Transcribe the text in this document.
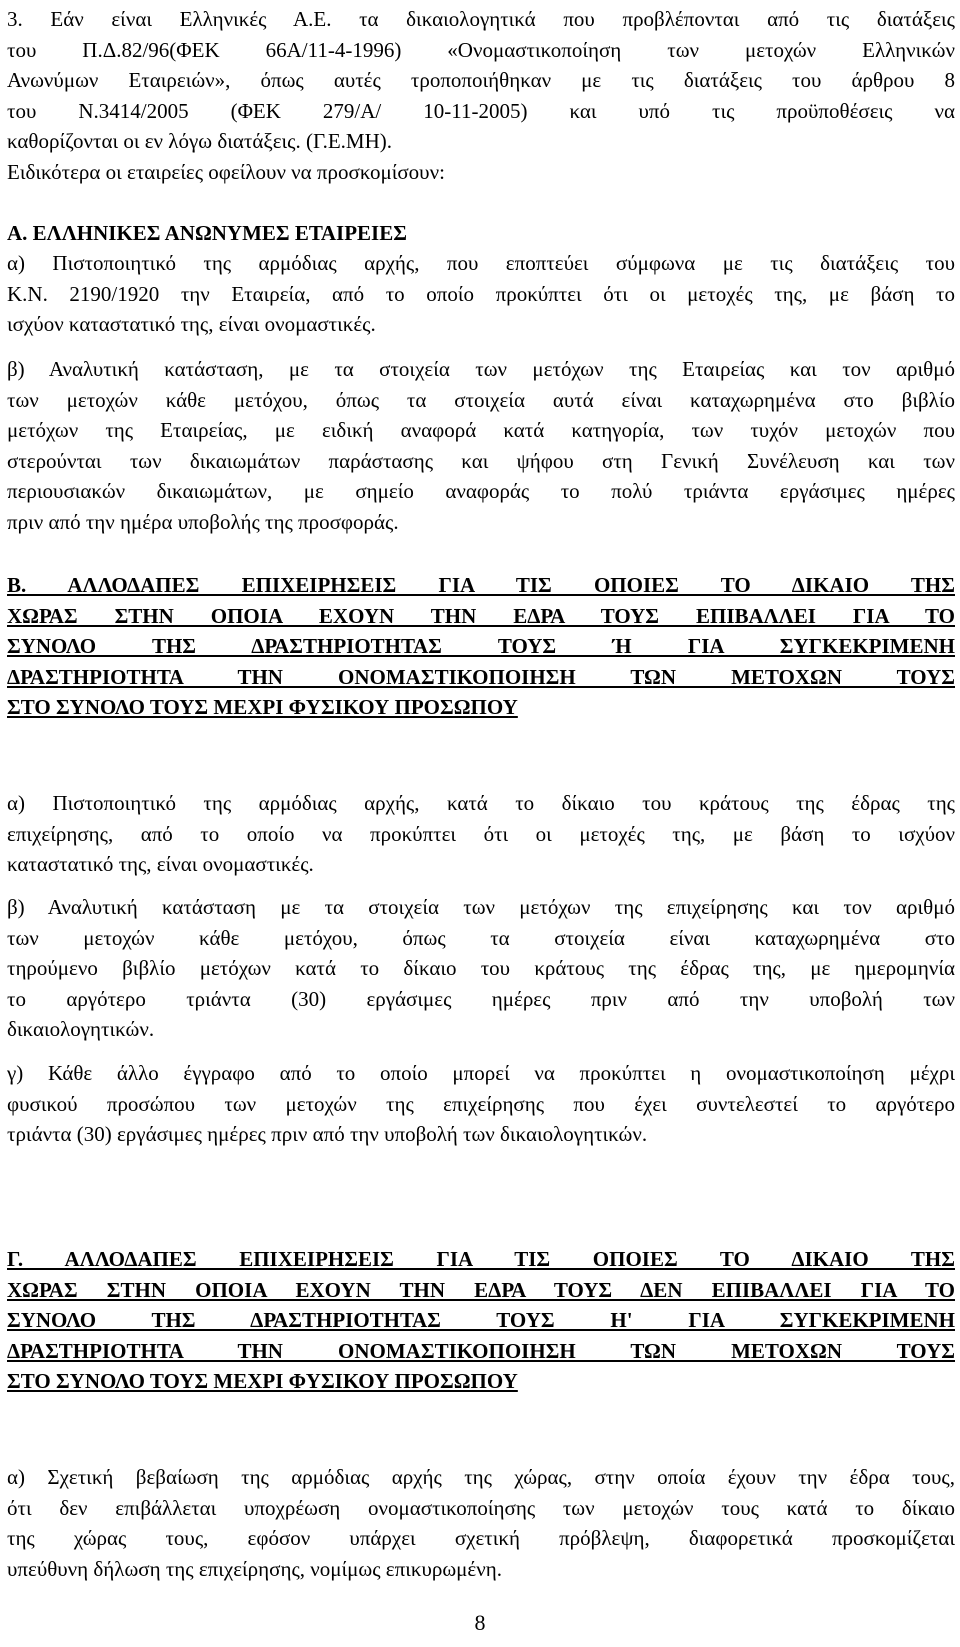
3. Εάν είναι Ελληνικές Α.Ε. τα δικαιολογητικά που προβλέπονται από τις διατάξεις
του Π.Δ.82/96(ΦΕΚ 66Α/11-4-1996) «Ονομαστικοποίηση των μετοχών Ελληνικών
Ανωνύμων Εταιρειών», όπως αυτές τροποποιήθηκαν με τις διατάξεις του άρθρου 8
του Ν.3414/2005 (ΦΕΚ 279/Α/ 10-11-2005) και υπό τις προϋποθέσεις να
καθορίζονται οι εν λόγω διατάξεις. (Γ.Ε.ΜΗ).
Ειδικότερα οι εταιρείες οφείλουν να προσκομίσουν:
Α. ΕΛΛΗΝΙΚΕΣ ΑΝΩΝΥΜΕΣ ΕΤΑΙΡΕΙΕΣ
α) Πιστοποιητικό της αρμόδιας αρχής, που εποπτεύει σύμφωνα με τις διατάξεις του
Κ.Ν. 2190/1920 την Εταιρεία, από το οποίο προκύπτει ότι οι μετοχές της, με βάση το
ισχύον καταστατικό της, είναι ονομαστικές.
β) Αναλυτική κατάσταση, με τα στοιχεία των μετόχων της Εταιρείας και τον αριθμό
των μετοχών κάθε μετόχου, όπως τα στοιχεία αυτά είναι καταχωρημένα στο βιβλίο
μετόχων της Εταιρείας, με ειδική αναφορά κατά κατηγορία, των τυχόν μετοχών που
στερούνται των δικαιωμάτων παράστασης και ψήφου στη Γενική Συνέλευση και των
περιουσιακών δικαιωμάτων, με σημείο αναφοράς το πολύ τριάντα εργάσιμες ημέρες
πριν από την ημέρα υποβολής της προσφοράς.
Β. ΑΛΛΟΔΑΠΕΣ ΕΠΙΧΕΙΡΗΣΕΙΣ ΓΙΑ ΤΙΣ ΟΠΟΙΕΣ ΤΟ ΔΙΚΑΙΟ ΤΗΣ
ΧΩΡΑΣ ΣΤΗΝ ΟΠΟΙΑ ΕΧΟΥΝ ΤΗΝ ΕΔΡΑ ΤΟΥΣ ΕΠΙΒΑΛΛΕΙ ΓΙΑ ΤΟ
ΣΥΝΟΛΟ ΤΗΣ ΔΡΑΣΤΗΡΙΟΤΗΤΑΣ ΤΟΥΣ Ή ΓΙΑ ΣΥΓΚΕΚΡΙΜΕΝΗ
ΔΡΑΣΤΗΡΙΟΤΗΤΑ ΤΗΝ ΟΝΟΜΑΣΤΙΚΟΠΟΙΗΣΗ ΤΩΝ ΜΕΤΟΧΩΝ ΤΟΥΣ
ΣΤΟ ΣΥΝΟΛΟ ΤΟΥΣ ΜΕΧΡΙ ΦΥΣΙΚΟΥ ΠΡΟΣΩΠΟΥ
α) Πιστοποιητικό της αρμόδιας αρχής, κατά το δίκαιο του κράτους της έδρας της
επιχείρησης, από το οποίο να προκύπτει ότι οι μετοχές της, με βάση το ισχύον
καταστατικό της, είναι ονομαστικές.
β) Αναλυτική κατάσταση με τα στοιχεία των μετόχων της επιχείρησης και τον αριθμό
των μετοχών κάθε μετόχου, όπως τα στοιχεία είναι καταχωρημένα στο
τηρούμενο βιβλίο μετόχων κατά το δίκαιο του κράτους της έδρας της, με ημερομηνία
το αργότερο τριάντα (30) εργάσιμες ημέρες πριν από την υποβολή των
δικαιολογητικών.
γ) Κάθε άλλο έγγραφο από το οποίο μπορεί να προκύπτει η ονομαστικοποίηση μέχρι
φυσικού προσώπου των μετοχών της επιχείρησης που έχει συντελεστεί το αργότερο
τριάντα (30) εργάσιμες ημέρες πριν από την υποβολή των δικαιολογητικών.
Γ. ΑΛΛΟΔΑΠΕΣ ΕΠΙΧΕΙΡΗΣΕΙΣ ΓΙΑ ΤΙΣ ΟΠΟΙΕΣ ΤΟ ΔΙΚΑΙΟ ΤΗΣ
ΧΩΡΑΣ ΣΤΗΝ ΟΠΟΙΑ ΕΧΟΥΝ ΤΗΝ ΕΔΡΑ ΤΟΥΣ ΔΕΝ ΕΠΙΒΑΛΛΕΙ ΓΙΑ ΤΟ
ΣΥΝΟΛΟ ΤΗΣ ΔΡΑΣΤΗΡΙΟΤΗΤΑΣ ΤΟΥΣ Η' ΓΙΑ ΣΥΓΚΕΚΡΙΜΕΝΗ
ΔΡΑΣΤΗΡΙΟΤΗΤΑ ΤΗΝ ΟΝΟΜΑΣΤΙΚΟΠΟΙΗΣΗ ΤΩΝ ΜΕΤΟΧΩΝ ΤΟΥΣ
ΣΤΟ ΣΥΝΟΛΟ ΤΟΥΣ ΜΕΧΡΙ ΦΥΣΙΚΟΥ ΠΡΟΣΩΠΟΥ
α) Σχετική βεβαίωση της αρμόδιας αρχής της χώρας, στην οποία έχουν την έδρα τους,
ότι δεν επιβάλλεται υποχρέωση ονομαστικοποίησης των μετοχών τους κατά το δίκαιο
της χώρας τους, εφόσον υπάρχει σχετική πρόβλεψη, διαφορετικά προσκομίζεται
υπεύθυνη δήλωση της επιχείρησης, νομίμως επικυρωμένη.
8
